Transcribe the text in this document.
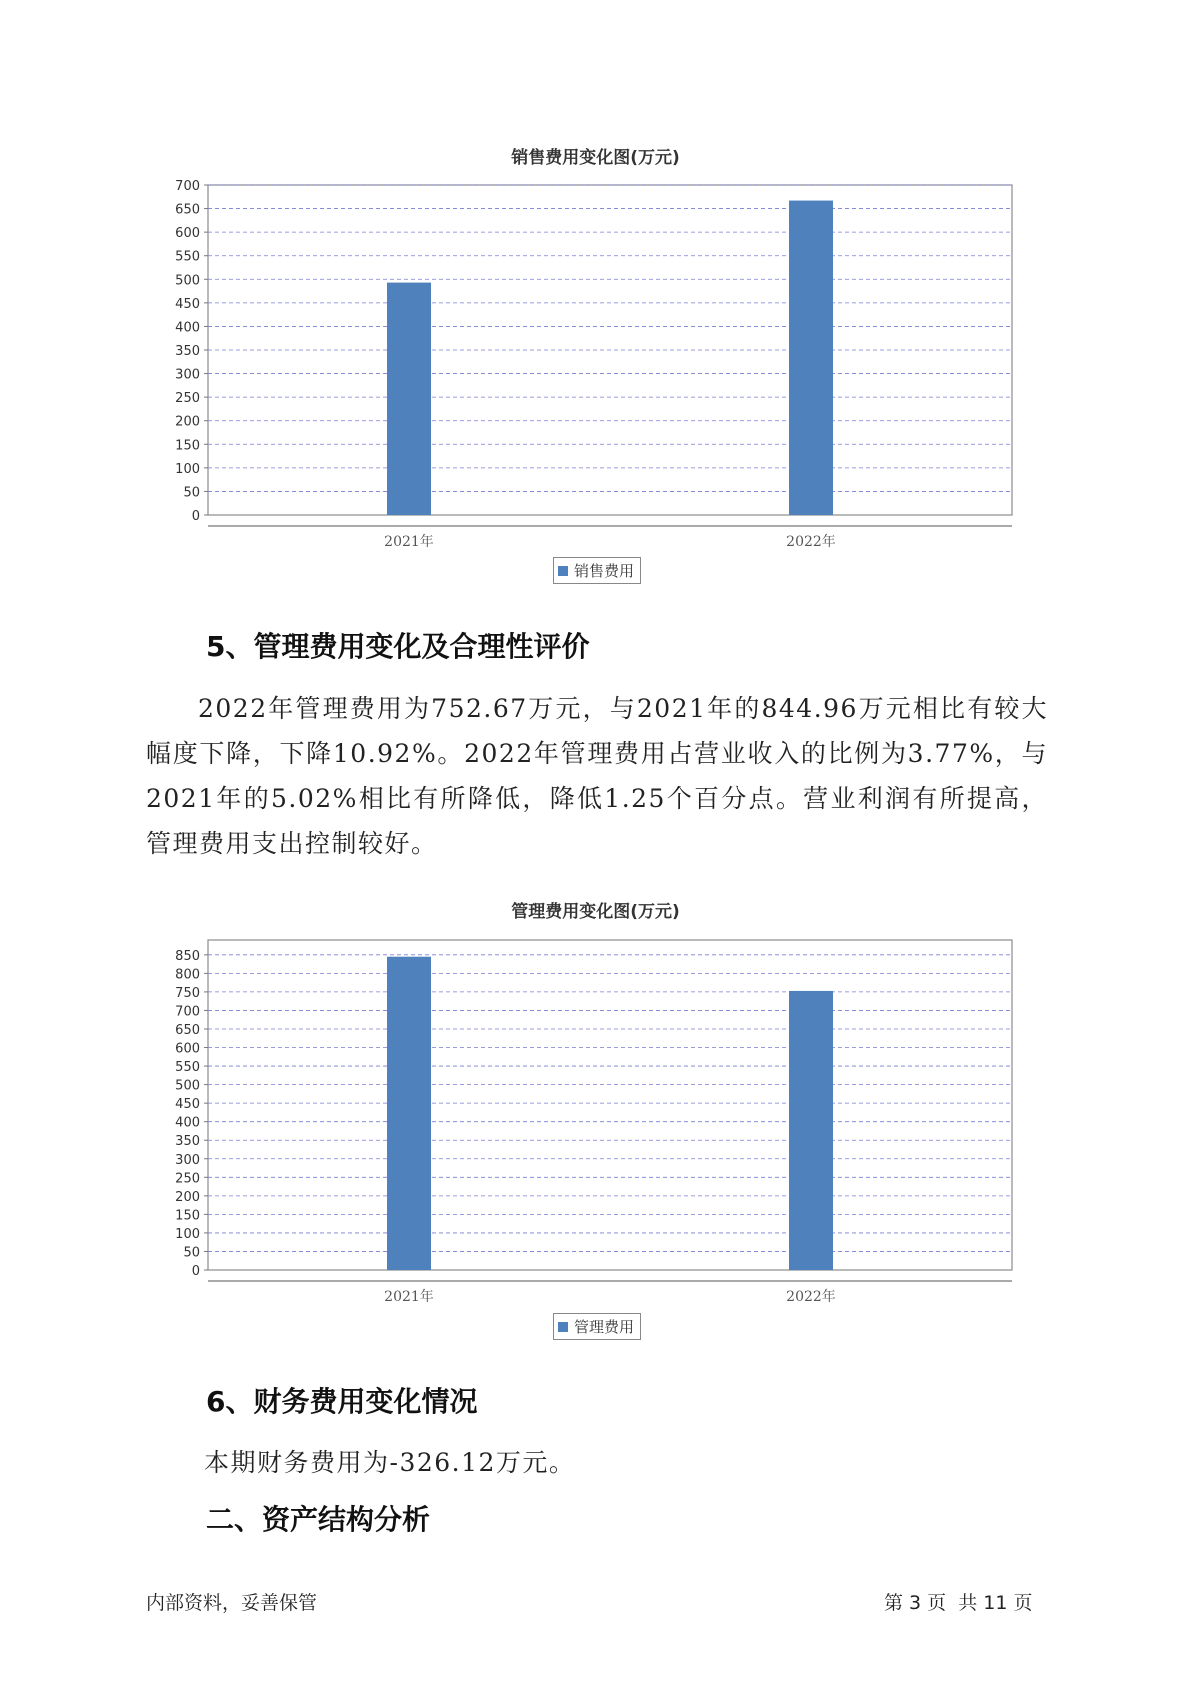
销售费用变化图(万元)
0
50
100
150
200
250
300
350
400
450
500
550
600
650
700
2021年	2022年
销售费用
5、管理费用变化及合理性评价
2022年管理费用为752.67万元，与2021年的844.96万元相比有较大幅度下降，下降10.92%。2022年管理费用占营业收入的比例为3.77%，与2021年的5.02%相比有所降低，降低1.25个百分点。营业利润有所提高，管理费用支出控制较好。
管理费用变化图(万元)
0
50
100
150
200
250
300
350
400
450
500
550
600
650
700
750
800
850
2021年	2022年
管理费用
6、财务费用变化情况
本期财务费用为-326.12万元。
二、资产结构分析
内部资料，妥善保管	第 3 页  共 11 页
